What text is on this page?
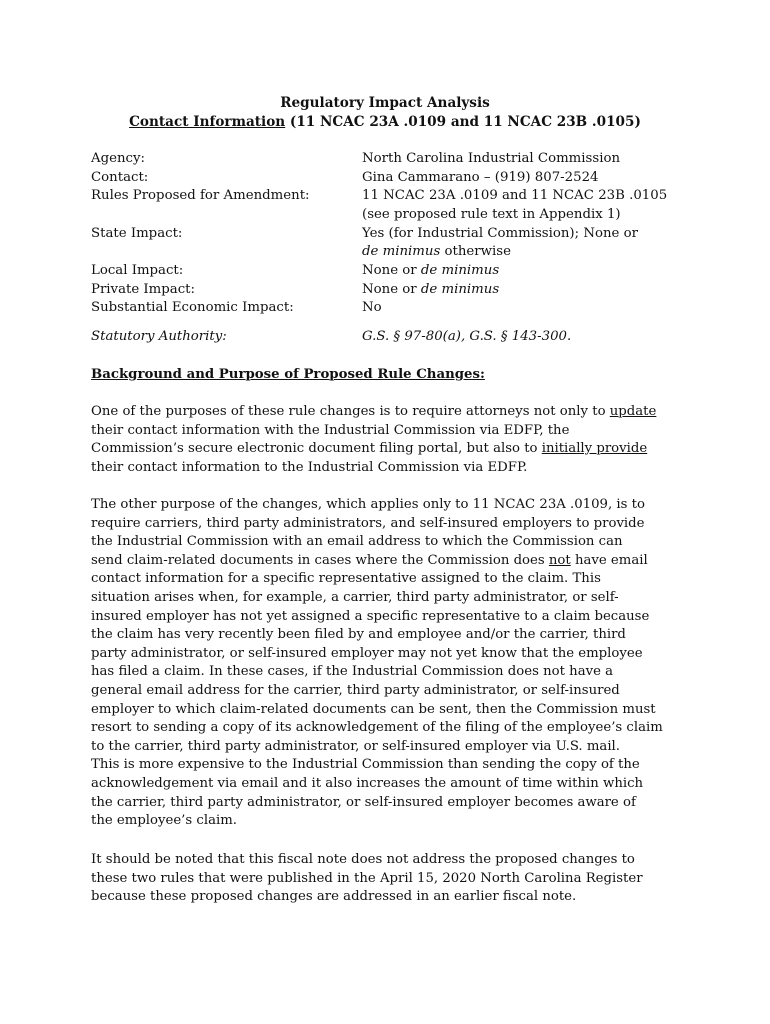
Regulatory Impact Analysis
Contact Information (11 NCAC 23A .0109 and 11 NCAC 23B .0105)
Agency:	North Carolina Industrial Commission
Contact:	Gina Cammarano – (919) 807-2524
Rules Proposed for Amendment:	11 NCAC 23A .0109 and 11 NCAC 23B .0105
(see proposed rule text in Appendix 1)
State Impact:	Yes (for Industrial Commission); None or
de minimus otherwise
Local Impact:	None or de minimus
Private Impact:	None or de minimus
Substantial Economic Impact:	No
Statutory Authority:	G.S. § 97-80(a), G.S. § 143-300.
Background and Purpose of Proposed Rule Changes:
One of the purposes of these rule changes is to require attorneys not only to update
their contact information with the Industrial Commission via EDFP, the
Commission’s secure electronic document filing portal, but also to initially provide
their contact information to the Industrial Commission via EDFP.
The other purpose of the changes, which applies only to 11 NCAC 23A .0109, is to
require carriers, third party administrators, and self-insured employers to provide
the Industrial Commission with an email address to which the Commission can
send claim-related documents in cases where the Commission does not have email
contact information for a specific representative assigned to the claim. This
situation arises when, for example, a carrier, third party administrator, or self-
insured employer has not yet assigned a specific representative to a claim because
the claim has very recently been filed by and employee and/or the carrier, third
party administrator, or self-insured employer may not yet know that the employee
has filed a claim. In these cases, if the Industrial Commission does not have a
general email address for the carrier, third party administrator, or self-insured
employer to which claim-related documents can be sent, then the Commission must
resort to sending a copy of its acknowledgement of the filing of the employee’s claim
to the carrier, third party administrator, or self-insured employer via U.S. mail.
This is more expensive to the Industrial Commission than sending the copy of the
acknowledgement via email and it also increases the amount of time within which
the carrier, third party administrator, or self-insured employer becomes aware of
the employee’s claim.
It should be noted that this fiscal note does not address the proposed changes to
these two rules that were published in the April 15, 2020 North Carolina Register
because these proposed changes are addressed in an earlier fiscal note.
